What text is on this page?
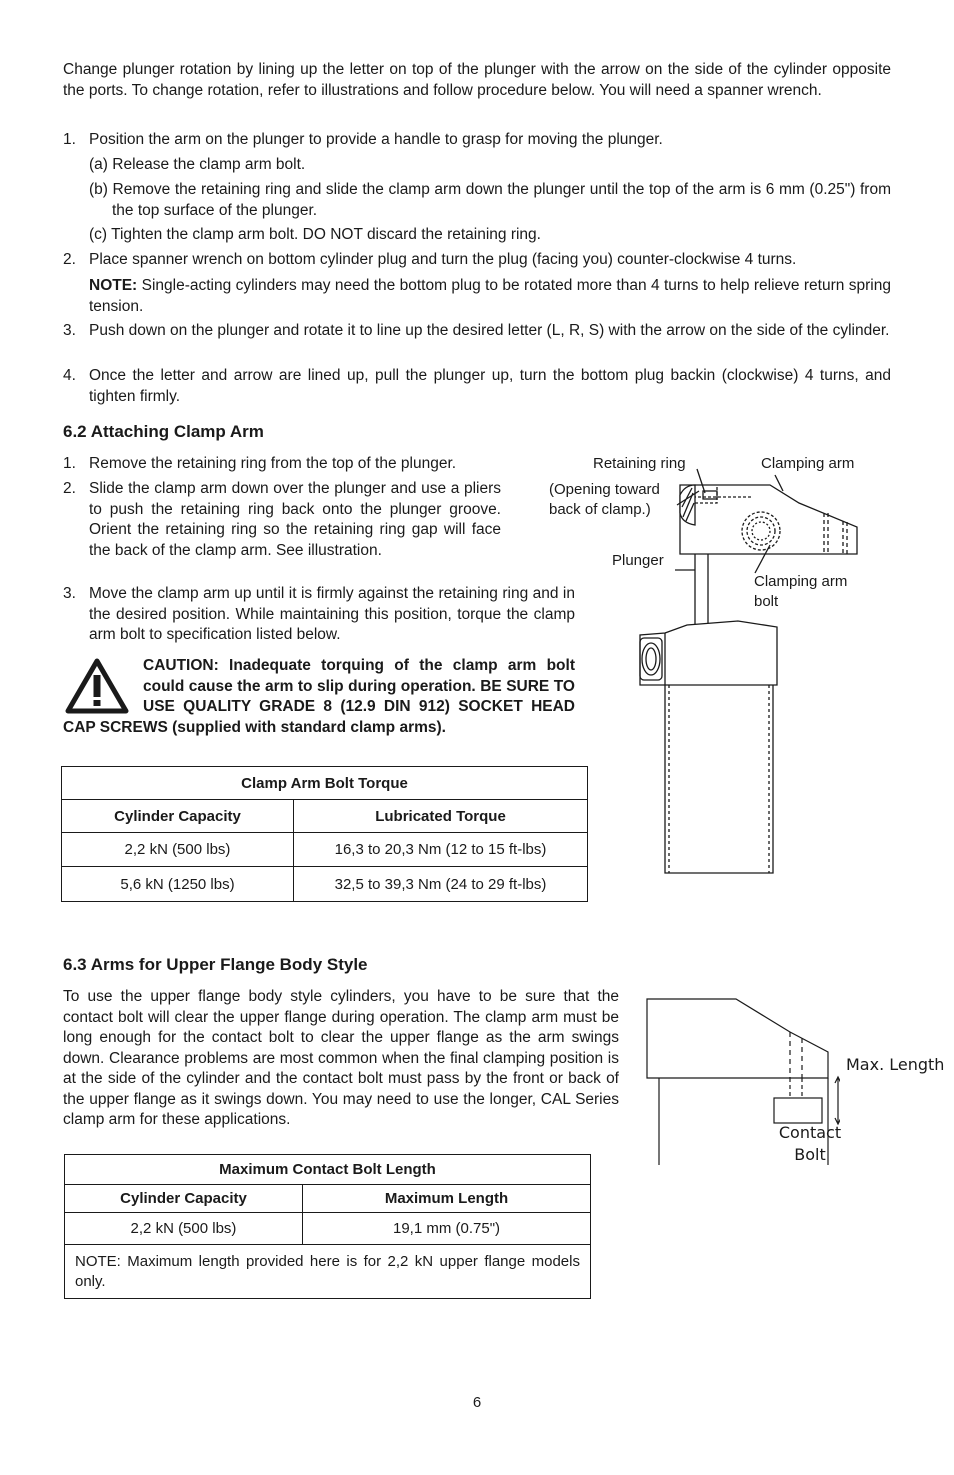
Change plunger rotation by lining up the letter on top of the plunger with the arrow on the side of the cylinder opposite the ports. To change rotation, refer to illustrations and follow procedure below. You will need a spanner wrench.

1. Position the arm on the plunger to provide a handle to grasp for moving the plunger.
(a) Release the clamp arm bolt.
(b) Remove the retaining ring and slide the clamp arm down the plunger until the top of the arm is 6 mm (0.25") from the top surface of the plunger.
(c) Tighten the clamp arm bolt. DO NOT discard the retaining ring.
2. Place spanner wrench on bottom cylinder plug and turn the plug (facing you) counter-clockwise 4 turns.

NOTE: Single-acting cylinders may need the bottom plug to be rotated more than 4 turns to help relieve return spring tension.

3. Push down on the plunger and rotate it to line up the desired letter (L, R, S) with the arrow on the side of the cylinder.
4. Once the letter and arrow are lined up, pull the plunger up, turn the bottom plug backin (clockwise) 4 turns, and tighten firmly.
6.2 Attaching Clamp Arm
1. Remove the retaining ring from the top of the plunger.
2. Slide the clamp arm down over the plunger and use a pliers to push the retaining ring back onto the plunger groove. Orient the retaining ring so the retaining ring gap will face the back of the clamp arm. See illustration.
3. Move the clamp arm up until it is firmly against the retaining ring and in the desired position. While maintaining this position, torque the clamp arm bolt to specification listed below.

CAUTION: Inadequate torquing of the clamp arm bolt could cause the arm to slip during operation. BE SURE TO USE QUALITY GRADE 8 (12.9 DIN 912) SOCKET HEAD CAP SCREWS (supplied with standard clamp arms).

Clamp Arm Bolt Torque	
Cylinder Capacity	Lubricated Torque
2,2 kN (500 lbs)	16,3 to 20,3 Nm (12 to 15 ft-lbs)
5,6 kN (1250 lbs)	32,5 to 39,3 Nm (24 to 29 ft-lbs)
Retaining ring
(Opening toward back of clamp.)
Clamping arm
Plunger
Clamping arm bolt
6.3 Arms for Upper Flange Body Style

To use the upper flange body style cylinders, you have to be sure that the contact bolt will clear the upper flange during operation. The clamp arm must be long enough for the contact bolt to clear the upper flange as the arm swings down. Clearance problems are most common when the final clamping position is at the side of the cylinder and the contact bolt must pass by the front or back of the upper flange as it swings down. You may need to use the longer, CAL Series clamp arm for these applications.

Max. Length
Contact Bolt
Maximum Contact Bolt Length	
Cylinder Capacity	Maximum Length
2,2 kN (500 lbs)	19,1 mm (0.75")
NOTE: Maximum length provided here is for 2,2 kN upper flange models only.	
6
